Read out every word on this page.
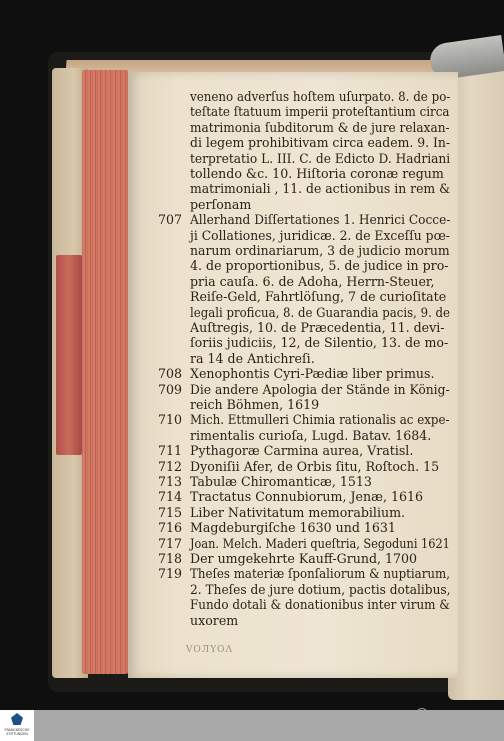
veneno adverſus hoſtem uſurpato. 8. de po-
teſtate ſtatuum imperii proteſtantium circa
matrimonia ſubditorum & de jure relaxan-
di legem prohibitivam circa eadem. 9. In-
terpretatio L. III. C. de Edicto D. Hadriani
tollendo &c. 10. Hiſtoria coronæ regum
matrimoniali , 11. de actionibus in rem &
perſonam
707 Allerhand Diſſertationes 1. Henrici Cocce-
ji Collationes, juridicæ. 2. de Exceſſu pœ-
narum ordinariarum, 3 de judicio morum
4. de proportionibus, 5. de judice in pro-
pria cauſa. 6. de Adoha, Herrn-Steuer,
Reiſe-Geld, Fahrtlöſung, 7 de curioſitate
legali proficua, 8. de Guarandia pacis, 9. de
Auſtregis, 10. de Præcedentia, 11. devi-
ſoriis judiciis, 12, de Silentio, 13. de mo-
ra 14 de Antichreſi.
708 Xenophontis Cyri-Pædiæ liber primus.
709 Die andere Apologia der Stände in König-
reich Böhmen, 1619
710 Mich. Ettmulleri Chimia rationalis ac expe-
rimentalis curioſa, Lugd. Batav. 1684.
711 Pythagoræ Carmina aurea, Vratisl.
712 Dyoniſii Afer, de Orbis ſitu, Roſtoch. 15
713 Tabulæ Chiromanticæ, 1513
714 Tractatus Connubiorum, Jenæ, 1616
715 Liber Nativitatum memorabilium.
716 Magdeburgiſche 1630 und 1631
717 Joan. Melch. Maderi queſtria, Segoduni 1621
718 Der umgekehrte Kauff-Grund, 1700
719 Theſes materiæ ſponſaliorum & nuptiarum,
2. Theſes de jure dotium, pactis dotalibus,
Fundo dotali & donationibus inter virum &
uxorem
VOЛYOΛ
FRANCKESCHE
STIFTUNGEN
